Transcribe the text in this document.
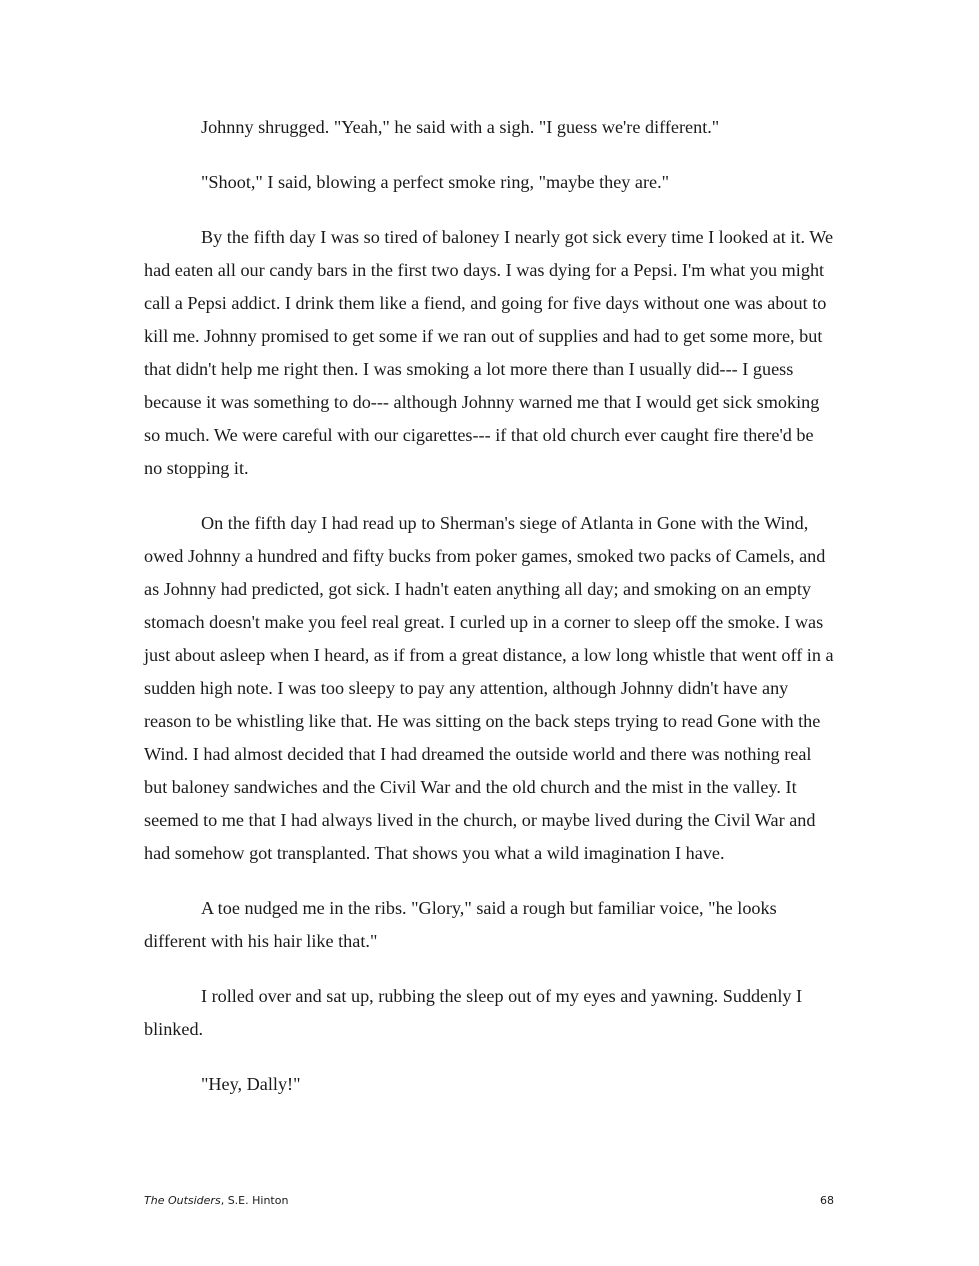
Johnny shrugged. "Yeah," he said with a sigh. "I guess we're different."

"Shoot," I said, blowing a perfect smoke ring, "maybe they are."

By the fifth day I was so tired of baloney I nearly got sick every time I looked at it. We had eaten all our candy bars in the first two days. I was dying for a Pepsi. I'm what you might call a Pepsi addict. I drink them like a fiend, and going for five days without one was about to kill me. Johnny promised to get some if we ran out of supplies and had to get some more, but that didn't help me right then. I was smoking a lot more there than I usually did--- I guess because it was something to do--- although Johnny warned me that I would get sick smoking so much. We were careful with our cigarettes--- if that old church ever caught fire there'd be no stopping it.

On the fifth day I had read up to Sherman's siege of Atlanta in Gone with the Wind, owed Johnny a hundred and fifty bucks from poker games, smoked two packs of Camels, and as Johnny had predicted, got sick. I hadn't eaten anything all day; and smoking on an empty stomach doesn't make you feel real great. I curled up in a corner to sleep off the smoke. I was just about asleep when I heard, as if from a great distance, a low long whistle that went off in a sudden high note. I was too sleepy to pay any attention, although Johnny didn't have any reason to be whistling like that. He was sitting on the back steps trying to read Gone with the Wind. I had almost decided that I had dreamed the outside world and there was nothing real but baloney sandwiches and the Civil War and the old church and the mist in the valley. It seemed to me that I had always lived in the church, or maybe lived during the Civil War and had somehow got transplanted. That shows you what a wild imagination I have.

A toe nudged me in the ribs. "Glory," said a rough but familiar voice, "he looks different with his hair like that."

I rolled over and sat up, rubbing the sleep out of my eyes and yawning. Suddenly I blinked.

"Hey, Dally!"

The Outsiders, S.E. Hinton	68
